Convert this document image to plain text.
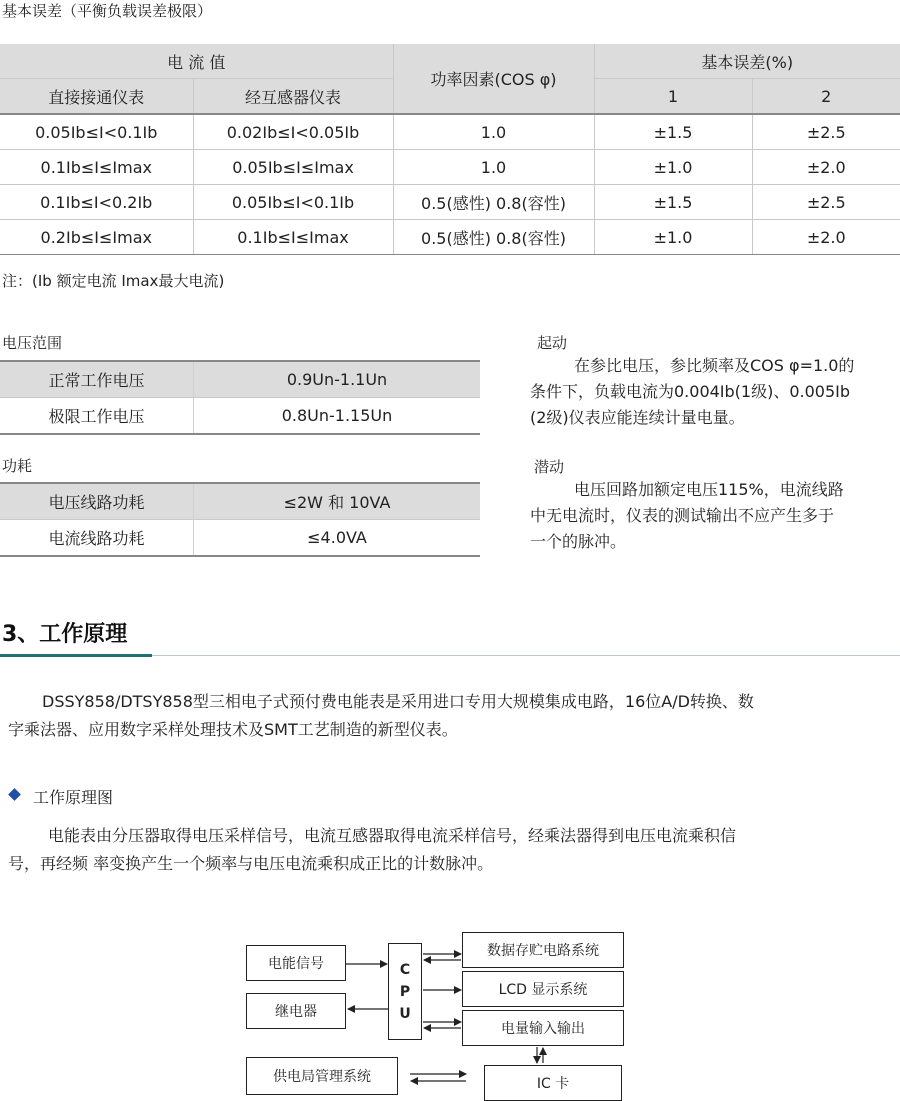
基本误差（平衡负载误差极限）
电 流 值		功率因素(COS φ)	基本误差(%)	
直接接通仪表	经互感器仪表		1	2
0.05Ib≤I<0.1Ib	0.02Ib≤I<0.05Ib	1.0	±1.5	±2.5
0.1Ib≤I≤Imax	0.05Ib≤I≤Imax	1.0	±1.0	±2.0
0.1Ib≤I<0.2Ib	0.05Ib≤I<0.1Ib	0.5(感性) 0.8(容性)	±1.5	±2.5
0.2Ib≤I≤Imax	0.1Ib≤I≤Imax	0.5(感性) 0.8(容性)	±1.0	±2.0
注：(Ib 额定电流 Imax最大电流)
电压范围
正常工作电压	0.9Un-1.1Un
极限工作电压	0.8Un-1.15Un
功耗
电压线路功耗	≤2W 和 10VA
电流线路功耗	≤4.0VA
起动
在参比电压，参比频率及COS φ=1.0的
条件下，负载电流为0.004Ib(1级)、0.005Ib
(2级)仪表应能连续计量电量。
潜动
电压回路加额定电压115%，电流线路
中无电流时，仪表的测试输出不应产生多于
一个的脉冲。
3、工作原理
DSSY858/DTSY858型三相电子式预付费电能表是采用进口专用大规模集成电路，16位A/D转换、数
字乘法器、应用数字采样处理技术及SMT工艺制造的新型仪表。
工作原理图
电能表由分压器取得电压采样信号，电流互感器取得电流采样信号，经乘法器得到电压电流乘积信
号，再经频 率变换产生一个频率与电压电流乘积成正比的计数脉冲。
电能信号
继电器
供电局管理系统
C
P
U
数据存贮电路系统
LCD 显示系统
电量输入输出
IC 卡
